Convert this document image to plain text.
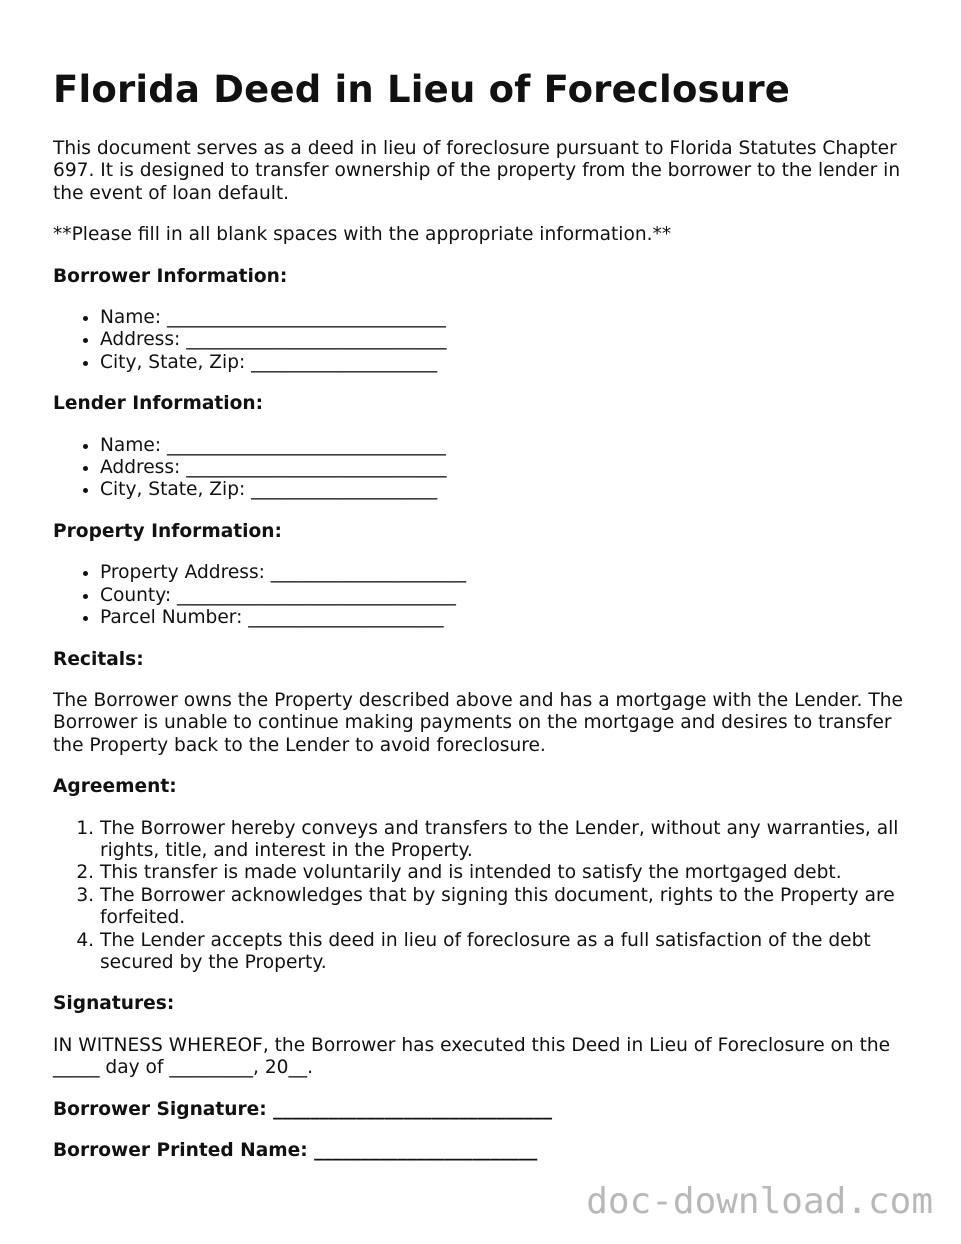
Florida Deed in Lieu of Foreclosure

This document serves as a deed in lieu of foreclosure pursuant to Florida Statutes Chapter 697. It is designed to transfer ownership of the property from the borrower to the lender in the event of loan default.

**Please fill in all blank spaces with the appropriate information.**

Borrower Information:

• Name: ______________________________
• Address: ____________________________
• City, State, Zip: ____________________

Lender Information:

• Name: ______________________________
• Address: ____________________________
• City, State, Zip: ____________________

Property Information:

• Property Address: _____________________
• County: ______________________________
• Parcel Number: _____________________

Recitals:

The Borrower owns the Property described above and has a mortgage with the Lender. The Borrower is unable to continue making payments on the mortgage and desires to transfer the Property back to the Lender to avoid foreclosure.

Agreement:

1. The Borrower hereby conveys and transfers to the Lender, without any warranties, all rights, title, and interest in the Property.
2. This transfer is made voluntarily and is intended to satisfy the mortgaged debt.
3. The Borrower acknowledges that by signing this document, rights to the Property are forfeited.
4. The Lender accepts this deed in lieu of foreclosure as a full satisfaction of the debt secured by the Property.

Signatures:

IN WITNESS WHEREOF, the Borrower has executed this Deed in Lieu of Foreclosure on the _____ day of _________, 20__.

Borrower Signature: ______________________________

Borrower Printed Name: ________________________

doc-download.com
